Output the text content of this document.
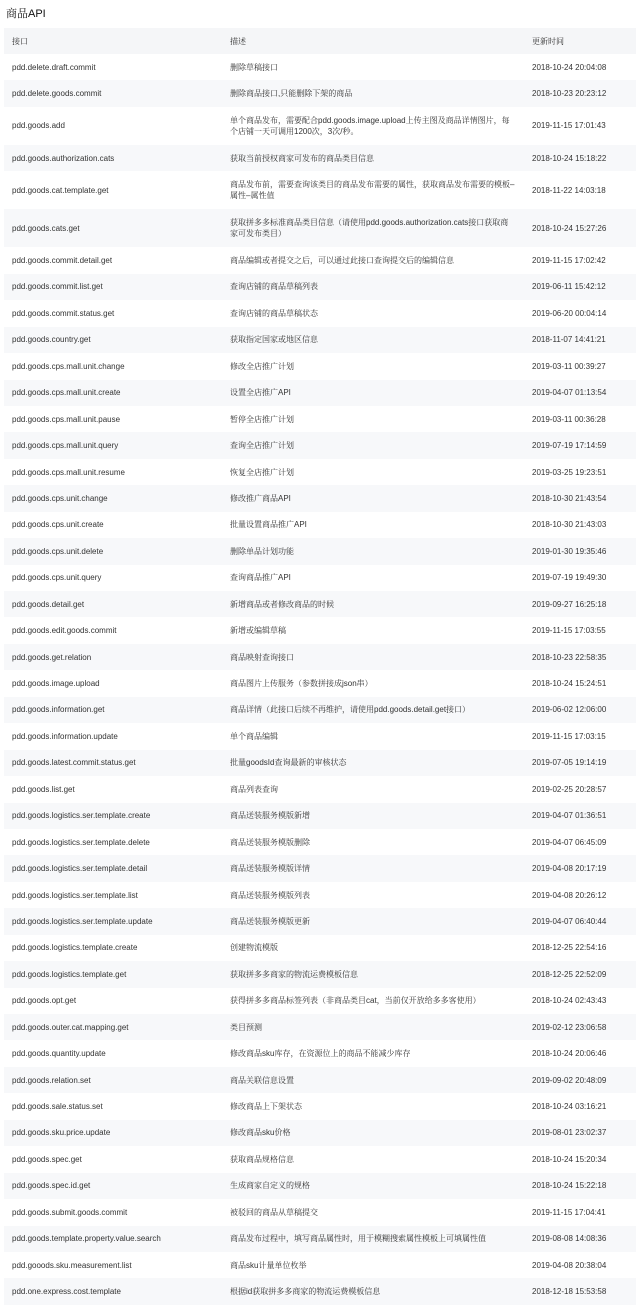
商品API
接口	描述	更新时间
pdd.delete.draft.commit	删除草稿接口	2018-10-24 20:04:08
pdd.delete.goods.commit	删除商品接口,只能删除下架的商品	2018-10-23 20:23:12
pdd.goods.add	单个商品发布，需要配合pdd.goods.image.upload上传主图及商品详情图片，每个店铺一天可调用1200次，3次/秒。	2019-11-15 17:01:43
pdd.goods.authorization.cats	获取当前授权商家可发布的商品类目信息	2018-10-24 15:18:22
pdd.goods.cat.template.get	商品发布前，需要查询该类目的商品发布需要的属性，获取商品发布需要的模板–属性–属性值	2018-11-22 14:03:18
pdd.goods.cats.get	获取拼多多标准商品类目信息（请使用pdd.goods.authorization.cats接口获取商家可发布类目）	2018-10-24 15:27:26
pdd.goods.commit.detail.get	商品编辑或者提交之后，可以通过此接口查询提交后的编辑信息	2019-11-15 17:02:42
pdd.goods.commit.list.get	查询店铺的商品草稿列表	2019-06-11 15:42:12
pdd.goods.commit.status.get	查询店铺的商品草稿状态	2019-06-20 00:04:14
pdd.goods.country.get	获取指定国家或地区信息	2018-11-07 14:41:21
pdd.goods.cps.mall.unit.change	修改全店推广计划	2019-03-11 00:39:27
pdd.goods.cps.mall.unit.create	设置全店推广API	2019-04-07 01:13:54
pdd.goods.cps.mall.unit.pause	暂停全店推广计划	2019-03-11 00:36:28
pdd.goods.cps.mall.unit.query	查询全店推广计划	2019-07-19 17:14:59
pdd.goods.cps.mall.unit.resume	恢复全店推广计划	2019-03-25 19:23:51
pdd.goods.cps.unit.change	修改推广商品API	2018-10-30 21:43:54
pdd.goods.cps.unit.create	批量设置商品推广API	2018-10-30 21:43:03
pdd.goods.cps.unit.delete	删除单品计划功能	2019-01-30 19:35:46
pdd.goods.cps.unit.query	查询商品推广API	2019-07-19 19:49:30
pdd.goods.detail.get	新增商品或者修改商品的时候	2019-09-27 16:25:18
pdd.goods.edit.goods.commit	新增或编辑草稿	2019-11-15 17:03:55
pdd.goods.get.relation	商品映射查询接口	2018-10-23 22:58:35
pdd.goods.image.upload	商品图片上传服务（参数拼接成json串）	2018-10-24 15:24:51
pdd.goods.information.get	商品详情（此接口后续不再维护，请使用pdd.goods.detail.get接口）	2019-06-02 12:06:00
pdd.goods.information.update	单个商品编辑	2019-11-15 17:03:15
pdd.goods.latest.commit.status.get	批量goodsId查询最新的审核状态	2019-07-05 19:14:19
pdd.goods.list.get	商品列表查询	2019-02-25 20:28:57
pdd.goods.logistics.ser.template.create	商品送装服务模版新增	2019-04-07 01:36:51
pdd.goods.logistics.ser.template.delete	商品送装服务模版删除	2019-04-07 06:45:09
pdd.goods.logistics.ser.template.detail	商品送装服务模版详情	2019-04-08 20:17:19
pdd.goods.logistics.ser.template.list	商品送装服务模版列表	2019-04-08 20:26:12
pdd.goods.logistics.ser.template.update	商品送装服务模版更新	2019-04-07 06:40:44
pdd.goods.logistics.template.create	创建物流模版	2018-12-25 22:54:16
pdd.goods.logistics.template.get	获取拼多多商家的物流运费模板信息	2018-12-25 22:52:09
pdd.goods.opt.get	获得拼多多商品标签列表（非商品类目cat，当前仅开放给多多客使用）	2018-10-24 02:43:43
pdd.goods.outer.cat.mapping.get	类目预测	2019-02-12 23:06:58
pdd.goods.quantity.update	修改商品sku库存，在资源位上的商品不能减少库存	2018-10-24 20:06:46
pdd.goods.relation.set	商品关联信息设置	2019-09-02 20:48:09
pdd.goods.sale.status.set	修改商品上下架状态	2018-10-24 03:16:21
pdd.goods.sku.price.update	修改商品sku价格	2019-08-01 23:02:37
pdd.goods.spec.get	获取商品规格信息	2018-10-24 15:20:34
pdd.goods.spec.id.get	生成商家自定义的规格	2018-10-24 15:22:18
pdd.goods.submit.goods.commit	被驳回的商品从草稿提交	2019-11-15 17:04:41
pdd.goods.template.property.value.search	商品发布过程中，填写商品属性时，用于模糊搜索属性模板上可填属性值	2019-08-08 14:08:36
pdd.gooods.sku.measurement.list	商品sku计量单位枚举	2019-04-08 20:38:04
pdd.one.express.cost.template	根据id获取拼多多商家的物流运费模板信息	2018-12-18 15:53:58
